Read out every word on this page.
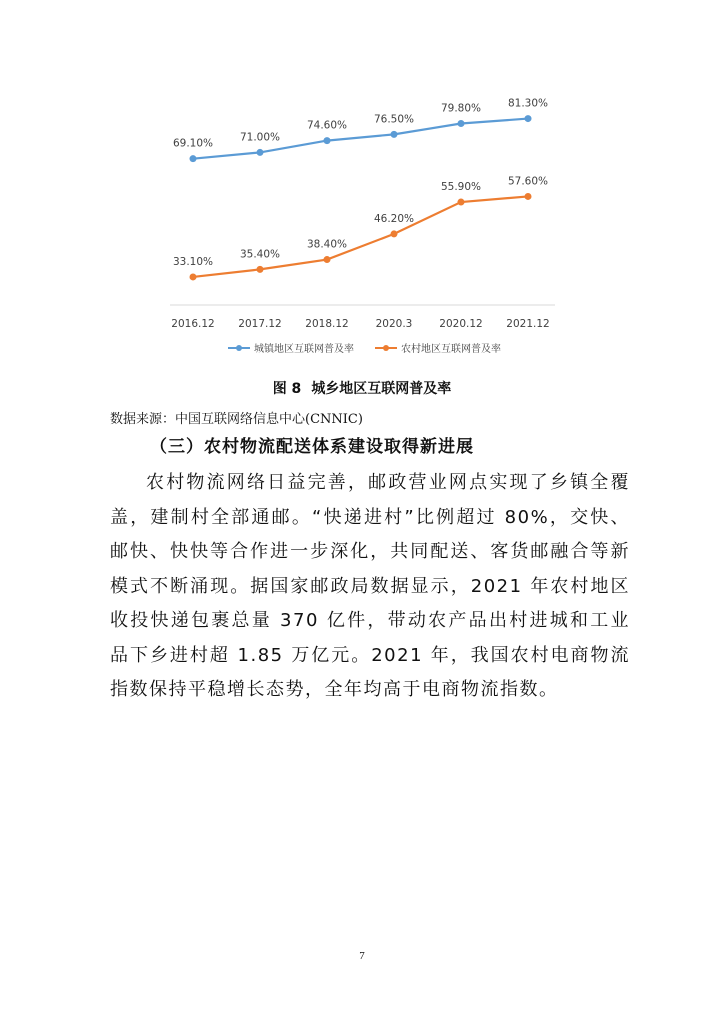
69.10%
71.00%
74.60%
76.50%
79.80%	81.30%
33.10%
35.40%
38.40%
46.20%
55.90%	57.60%
2016.12 2017.12 2018.12	2020.3	2020.12 2021.12
城镇地区互联网普及率	农村地区互联网普及率
图 8 城乡地区互联网普及率
数据来源：中国互联网络信息中心(CNNIC)
（三）农村物流配送体系建设取得新进展

农村物流网络日益完善，邮政营业网点实现了乡镇全覆盖，建制村全部通邮。“快递进村”比例超过 80%，交快、邮快、快快等合作进一步深化，共同配送、客货邮融合等新模式不断涌现。据国家邮政局数据显示，2021 年农村地区收投快递包裹总量 370 亿件，带动农产品出村进城和工业品下乡进村超 1.85 万亿元。2021 年，我国农村电商物流指数保持平稳增长态势，全年均高于电商物流指数。

7
